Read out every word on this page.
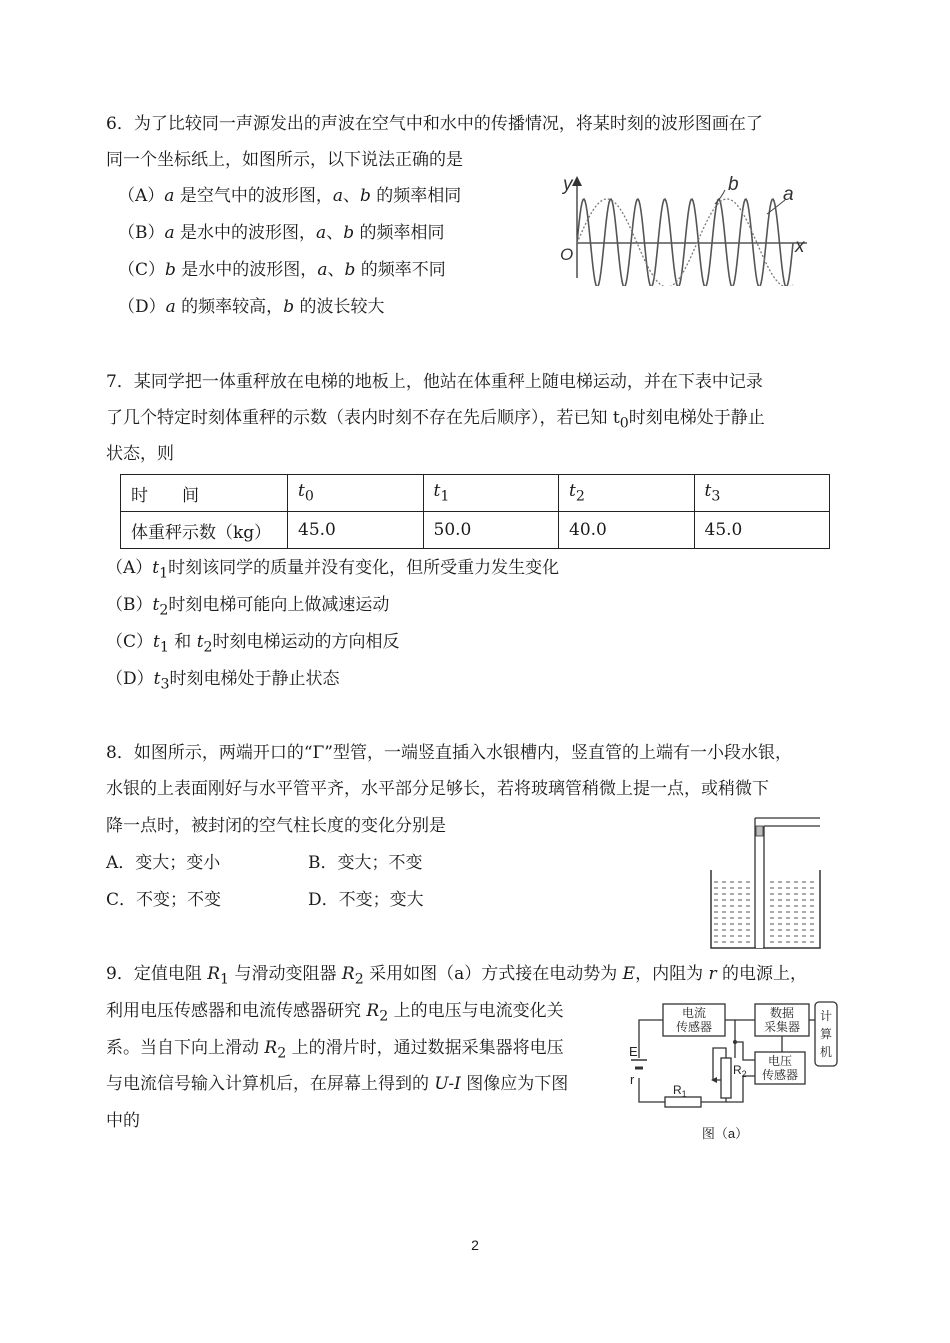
6．为了比较同一声源发出的声波在空气中和水中的传播情况，将某时刻的波形图画在了
同一个坐标纸上，如图所示，以下说法正确的是
（A）a 是空气中的波形图，a、b 的频率相同
（B）a 是水中的波形图，a、b 的频率相同
（C）b 是水中的波形图，a、b 的频率不同
（D）a 的频率较高，b 的波长较大
y
x
O
b a
7．某同学把一体重秤放在电梯的地板上，他站在体重秤上随电梯运动，并在下表中记录
了几个特定时刻体重秤的示数（表内时刻不存在先后顺序），若已知 $t_0$时刻电梯处于静止
状态，则
时　　间	$t_0$	$t_1$	$t_2$	$t_3$
体重秤示数（kg）	45.0	50.0	40.0	45.0
$(A)t_1$时刻该同学的质量并没有变化，但所受重力发生变化
$(B)t_2$时刻电梯可能向上做减速运动
$(C)t_1$ 和 $t_2$时刻电梯运动的方向相反
$(D)t_3$时刻电梯处于静止状态
8．如图所示，两端开口的“Γ”型管，一端竖直插入水银槽内，竖直管的上端有一小段水银，
水银的上表面刚好与水平管平齐，水平部分足够长，若将玻璃管稍微上提一点，或稍微下
降一点时，被封闭的空气柱长度的变化分别是
A．变大；变小	B．变大；不变
C．不变；不变	D．不变；变大
9．定值电阻 $R_1$ 与滑动变阻器 $R_2$ 采用如图（a）方式接在电动势为 E，内阻为 r 的电源上，
利用电压传感器和电流传感器研究 $R_2$ 上的电压与电流变化关
系。当自下向上滑动 $R_2$ 上的滑片时，通过数据采集器将电压
与电流信号输入计算机后，在屏幕上得到的 U-I 图像应为下图
中的
电流
传感器
数据
采集器
计
算
机
电压
传感器
E
r
$R_1$
$R_2$
图（a）
2
